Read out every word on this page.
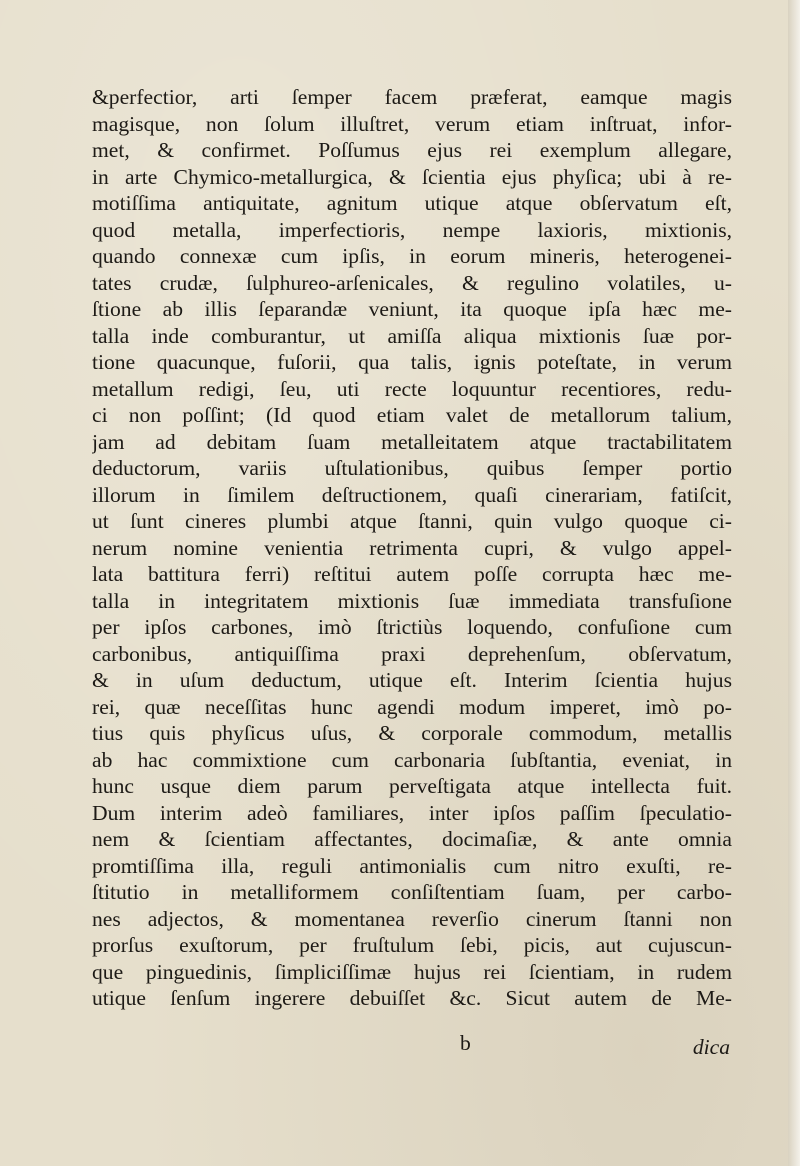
&perfectior, arti ſemper facem præferat, eamque magis
magisque, non ſolum illuſtret, verum etiam inſtruat, infor-
met, & confirmet. Poſſumus ejus rei exemplum allegare,
in arte Chymico-metallurgica, & ſcientia ejus phyſica; ubi à re-
motiſſima antiquitate, agnitum utique atque obſervatum eſt,
quod metalla, imperfectioris, nempe laxioris, mixtionis,
quando connexæ cum ipſis, in eorum mineris, heterogenei-
tates crudæ, ſulphureo-arſenicales, & regulino volatiles, u-
ſtione ab illis ſeparandæ veniunt, ita quoque ipſa hæc me-
talla inde comburantur, ut amiſſa aliqua mixtionis ſuæ por-
tione quacunque, fuſorii, qua talis, ignis poteſtate, in verum
metallum redigi, ſeu, uti recte loquuntur recentiores, redu-
ci non poſſint; (Id quod etiam valet de metallorum talium,
jam ad debitam ſuam metalleitatem atque tractabilitatem
deductorum, variis uſtulationibus, quibus ſemper portio
illorum in ſimilem deſtructionem, quaſi cinerariam, fatiſcit,
ut ſunt cineres plumbi atque ſtanni, quin vulgo quoque ci-
nerum nomine venientia retrimenta cupri, & vulgo appel-
lata battitura ferri) reſtitui autem poſſe corrupta hæc me-
talla in integritatem mixtionis ſuæ immediata transfuſione
per ipſos carbones, imò ſtrictiùs loquendo, confuſione cum
carbonibus, antiquiſſima praxi deprehenſum, obſervatum,
& in uſum deductum, utique eſt. Interim ſcientia hujus
rei, quæ neceſſitas hunc agendi modum imperet, imò po-
tius quis phyſicus uſus, & corporale commodum, metallis
ab hac commixtione cum carbonaria ſubſtantia, eveniat, in
hunc usque diem parum perveſtigata atque intellecta fuit.
Dum interim adeò familiares, inter ipſos paſſim ſpeculatio-
nem & ſcientiam affectantes, docimaſiæ, & ante omnia
promtiſſima illa, reguli antimonialis cum nitro exuſti, re-
ſtitutio in metalliformem conſiſtentiam ſuam, per carbo-
nes adjectos, & momentanea reverſio cinerum ſtanni non
prorſus exuſtorum, per fruſtulum ſebi, picis, aut cujuscun-
que pinguedinis, ſimpliciſſimæ hujus rei ſcientiam, in rudem
utique ſenſum ingerere debuiſſet &c. Sicut autem de Me-
b	dica
